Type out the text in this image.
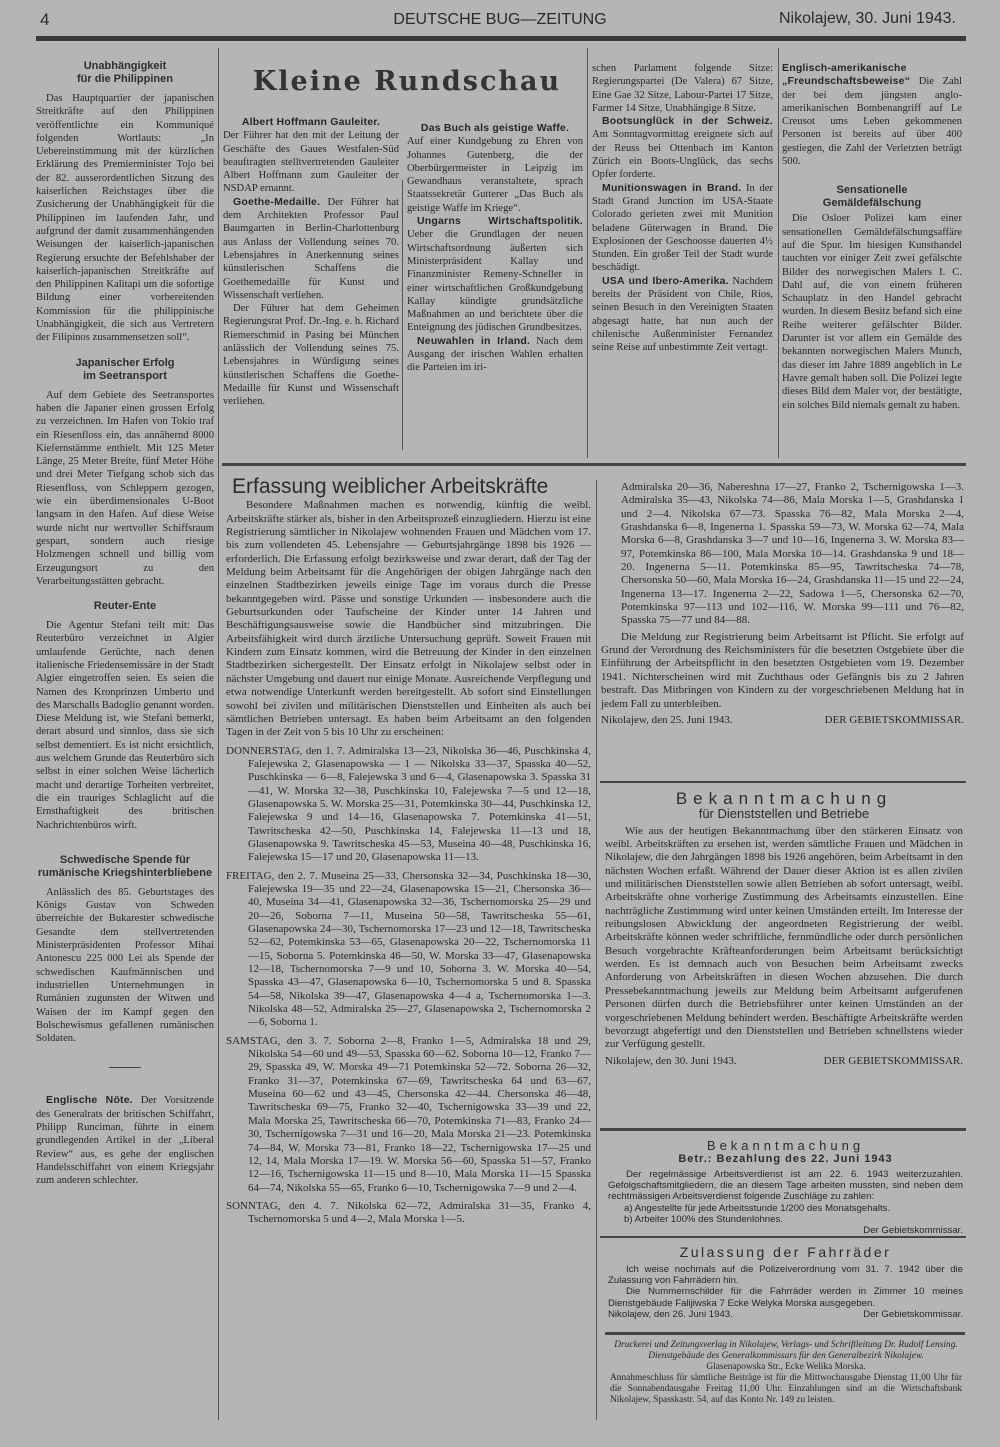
4	DEUTSCHE BUG—ZEITUNG	Nikolajew, 30. Juni 1943.
Unabhängigkeit
für die Philippinen

Das Hauptquartier der japanischen Streitkräfte auf den Philippinen veröffentlichte ein Kommuniqué folgenden Wortlauts: „In Uebereinstimmung mit der kürzlichen Erklärung des Premierminister Tojo bei der 82. ausserordentlichen Sitzung des kaiserlichen Reichstages über die Zusicherung der Unabhängigkeit für die Philippinen im laufenden Jahr, und aufgrund der damit zusammenhängenden Weisungen der kaiserlich-japanischen Regierung ersuchte der Befehlshaber der kaiserlich-japanischen Streitkräfte auf den Philippinen Kalitapi um die sofortige Bildung einer vorbereitenden Kommission für die philippinische Unabhängigkeit, die sich aus Vertretern der Filipinos zusammensetzen soll“.

Japanischer Erfolg
im Seetransport

Auf dem Gebiete des Seetransportes haben die Japaner einen grossen Erfolg zu verzeichnen. Im Hafen von Tokio traf ein Riesenfloss ein, das annähernd 8000 Kiefernstämme enthielt. Mit 125 Meter Länge, 25 Meter Breite, fünf Meter Höhe und drei Meter Tiefgang schob sich das Riesenfloss, von Schleppern gezogen, wie ein überdimensionales U-Boot langsam in den Hafen. Auf diese Weise wurde nicht nur wertvoller Schiffsraum gespart, sondern auch riesige Holzmengen schnell und billig vom Erzeugungsort zu den Verarbeitungsstätten gebracht.

Reuter-Ente

Die Agentur Stefani teilt mit: Das Reuterbüro verzeichnet in Algier umlaufende Gerüchte, nach denen italienische Friedensemissäre in der Stadt Algier eingetroffen seien. Es seien die Namen des Kronprinzen Umberto und des Marschalls Badoglio genannt worden. Diese Meldung ist, wie Stefani bemerkt, derart absurd und sinnlos, dass sie sich selbst dementiert. Es ist nicht ersichtlich, aus welchem Grunde das Reuterbüro sich selbst in einer solchen Weise lächerlich macht und derartige Torheiten verbreitet, die ein trauriges Schlaglicht auf die Ernsthaftigkeit des britischen Nachrichtenbüros wirft.

Schwedische Spende für
rumänische Kriegshinterbliebene

Anlässlich des 85. Geburtstages des Königs Gustav von Schweden überreichte der Bukarester schwedische Gesandte dem stellvertretenden Ministerpräsidenten Professor Mihai Antonescu 225 000 Lei als Spende der schwedischen Kaufmännischen und industriellen Unternehmungen in Rumänien zugunsten der Witwen und Waisen der im Kampf gegen den Bolschewismus gefallenen rumänischen Soldaten.

Englische Nöte. Der Vorsitzende des Generalrats der britischen Schiffahrt, Philipp Runciman, führte in einem grundlegenden Artikel in der „Liberal Review“ aus, es gehe der englischen Handelsschiffahrt von einem Kriegsjahr zum anderen schlechter.

Kleine Rundschau

Albert Hoffmann Gauleiter.

Der Führer hat den mit der Leitung der Geschäfte des Gaues Westfalen-Süd beauftragten stelltvertretenden Gauleiter Albert Hoffmann zum Gauleiter der NSDAP ernannt.

Goethe-Medaille. Der Führer hat dem Architekten Professor Paul Baumgarten in Berlin-Charlottenburg aus Anlass der Vollendung seines 70. Lebensjahres in Anerkennung seines künstlerischen Schaffens die Goethemedaille für Kunst und Wissenschaft verliehen.

Der Führer hat dem Geheimen Regierungsrat Prof. Dr.-Ing. e. h. Richard Riemerschmid in Pasing bei München anlässlich der Vollendung seines 75. Lebensjahres in Würdigung seines künstlerischen Schaffens die Goethe-Medaille für Kunst und Wissenschaft verliehen.

Das Buch als geistige Waffe.

Auf einer Kundgebung zu Ehren von Johannes Gutenberg, die der Oberbürgermeister in Leipzig im Gewandhaus veranstaltete, sprach Staatssekretär Gutterer „Das Buch als geistige Waffe im Kriege“.

Ungarns Wirtschaftspolitik. Ueber die Grundlagen der neuen Wirtschaftsordnung äußerten sich Ministerpräsident Kallay und Finanzminister Remeny-Schneller in einer wirtschaftlichen Großkundgebung Kallay kündigte grundsätzliche Maßnahmen an und berichtete über die Enteignung des jüdischen Grundbesitzes.

Neuwahlen in Irland. Nach dem Ausgang der irischen Wahlen erhalten die Parteien im iri-

schen Parlament folgende Sitze: Regierungspartei (De Valera) 67 Sitze, Eine Gae 32 Sitze, Labour-Partei 17 Sitze, Farmer 14 Sitze, Unabhängige 8 Sitze.

Bootsunglück in der Schweiz. Am Sonntagvormittag ereignete sich auf der Reuss bei Ottenbach im Kanton Zürich ein Boots-Unglück, das sechs Opfer forderte.

Munitionswagen in Brand. In der Stadt Grand Junction im USA-Staate Colorado gerieten zwei mit Munition beladene Güterwagen in Brand. Die Explosionen der Geschoosse dauerten 4½ Stunden. Ein großer Teil der Stadt wurde beschädigt.

USA und Ibero-Amerika. Nachdem bereits der Präsident von Chile, Rios, seinen Besuch in den Vereinigten Staaten abgesagt hatte, hat nun auch der chilenische Außenminister Fernandez seine Reise auf unbestimmte Zeit vertagt.

Englisch-amerikanische „Freundschaftsbeweise“ Die Zahl der bei dem jüngsten anglo-amerikanischen Bombenangriff auf Le Creusot ums Leben gekommenen Personen ist bereits auf über 400 gestiegen, die Zahl der Verletzten beträgt 500.

Sensationelle
Gemäldefälschung

Die Osloer Polizei kam einer sensationellen Gemäldefälschungsaffäre auf die Spur. Im hiesigen Kunsthandel tauchten vor einiger Zeit zwei gefälschte Bilder des norwegischen Malers I. C. Dahl auf, die von einem früheren Schauplatz in den Handel gebracht wurden. In diesem Besitz befand sich eine Reihe weiterer gefälschter Bilder. Darunter ist vor allem ein Gemälde des bekannten norwegischen Malers Munch, das dieser im Jahre 1889 angeblich in Le Havre gemalt haben soll. Die Polizei legte dieses Bild dem Maler vor, der bestätigte, ein solches Bild niemals gemalt zu haben.

Erfassung weiblicher Arbeitskräfte

Besondere Maßnahmen machen es notwendig, künftig die weibl. Arbeitskräfte stärker als, bisher in den Arbeitsprozeß einzugliedern. Hierzu ist eine Registrierung sämtlicher in Nikolajew wohnenden Frauen und Mädchen vom 17. bis zum vollendeten 45. Lebensjahre — Geburtsjahrgänge 1898 bis 1926 — erforderlich. Die Erfassung erfolgt bezirksweise und zwar derart, daß der Tag der Meldung beim Arbeitsamt für die Angehörigen der obigen Jahrgänge nach den einzelnen Stadtbezirken jeweils einige Tage im voraus durch die Presse bekanntgegeben wird. Pässe und sonstige Urkunden — insbesondere auch die Geburtsurkunden oder Taufscheine der Kinder unter 14 Jahren und Beschäftigungsausweise sowie die Handbücher sind mitzubringen. Die Arbeitsfähigkeit wird durch ärztliche Untersuchung geprüft. Soweit Frauen mit Kindern zum Einsatz kommen, wird die Betreuung der Kinder in den einzelnen Stadtbezirken sichergestellt. Der Einsatz erfolgt in Nikolajew selbst oder in nächster Umgebung und dauert nur einige Monate. Ausreichende Verpflegung und etwa notwendige Unterkunft werden bereitgestellt. Ab sofort sind Einstellungen sowohl bei zivilen und militärischen Dienststellen und Einheiten als auch bei sämtlichen Betrieben untersagt. Es haben beim Arbeitsamt an den folgenden Tagen in der Zeit von 5 bis 10 Uhr zu erscheinen:

DONNERSTAG, den 1. 7. Admiralska 13—23, Nikolska 36—46, Puschkinska 4, Falejewska 2, Glasenapowska — 1 — Nikolska 33—37, Spasska 40—52, Puschkinska — 6—8, Falejewska 3 und 6—4, Glasenapowska 3. Spasska 31—41, W. Morska 32—38, Puschkinska 10, Falejewska 7—5 und 12—18, Glasenapowska 5. W. Morska 25—31, Potemkinska 30—44, Puschkinska 12, Falejewska 9 und 14—16, Glasenapowska 7. Potemkinska 41—51, Tawritscheska 42—50, Puschkinska 14, Falejewska 11—13 und 18, Glasenapowska 9. Tawritscheska 45—53, Museina 40—48, Puschkinska 16, Falejewska 15—17 und 20, Glasenapowska 11—13.

FREITAG, den 2. 7. Museina 25—33, Chersonska 32—34, Puschkinska 18—30, Falejewska 19—35 und 22—24, Glasenapowska 15—21, Chersonska 36—40, Museina 34—41, Glasenapowska 32—36, Tschernomorska 25—29 und 20—26, Soborna 7—11, Museina 50—58, Tawritscheska 55—61, Glasenapowska 24—30, Tschernomorska 17—23 und 12—18, Tawritscheska 52—62, Potemkinska 53—65, Glasenapowska 20—22, Tschernomorska 11—15, Soborna 5. Potemkinska 46—50, W. Morska 33—47, Glasenapowska 12—18, Tschernomorska 7—9 und 10, Soborna 3. W. Morska 40—54, Spasska 43—47, Glasenapowska 6—10, Tschernomorska 5 und 8. Spasska 54—58, Nikolska 39—47, Glasenapowska 4—4 a, Tschernomorska 1—3. Nikolska 48—52, Admiralska 25—27, Glasenapowska 2, Tschernomorska 2—6, Soborna 1.

SAMSTAG, den 3. 7. Soborna 2—8, Franko 1—5, Admiralska 18 und 29, Nikolska 54—60 und 49—53, Spasska 60—62. Soborna 10—12, Franko 7—29, Spasska 49, W. Morska 49—71 Potemkinska 52—72. Soborna 26—32, Franko 31—37, Potemkinska 67—69, Tawritscheska 64 und 63—67, Museina 60—62 und 43—45, Chersonska 42—44. Chersonska 46—48, Tawritscheska 69—75, Franko 32—40, Tschernigowska 33—39 und 22, Mala Morska 25, Tawritscheska 66—70, Potemkinska 71—83, Franko 24—30, Tschernigowska 7—31 und 16—20, Mala Morska 21—23. Potemkinska 74—84, W. Morska 73—81, Franko 18—22, Tschernigowska 17—25 und 12, 14, Mala Morska 17—19. W. Morska 56—60, Spasska 51—57, Franko 12—16, Tschernigowska 11—15 und 8—10, Mala Morska 11—15 Spasska 64—74, Nikolska 55—65, Franko 6—10, Tschernigowska 7—9 und 2—4.

SONNTAG, den 4. 7. Nikolska 62—72, Admiralska 31—35, Franko 4, Tschernomorska 5 und 4—2, Mala Morska 1—5.

Admiralska 20—36, Nabereshna 17—27, Franko 2, Tschernigowska 1—3. Admiralska 35—43, Nikolska 74—86, Mala Morska 1—5, Grashdanska 1 und 2—4. Nikolska 67—73. Spasska 76—82, Mala Morska 2—4, Grashdanska 6—8, Ingenerna 1. Spasska 59—73, W. Morska 62—74, Mala Morska 6—8, Grashdanska 3—7 und 10—16, Ingenerna 3. W. Morska 83—97, Potemkinska 86—100, Mala Morska 10—14. Grashdanska 9 und 18—20. Ingenerna 5—11. Potemkinska 85—95, Tawritscheska 74—78, Chersonska 50—60, Mala Morska 16—24, Grashdanska 11—15 und 22—24, Ingenerna 13—17. Ingenerna 2—22, Sadowa 1—5, Chersonska 62—70, Potemkinska 97—113 und 102—116, W. Morska 99—111 und 76—82, Spasska 75—77 und 84—88.

Die Meldung zur Registrierung beim Arbeitsamt ist Pflicht. Sie erfolgt auf Grund der Verordnung des Reichsministers für die besetzten Ostgebiete über die Einführung der Arbeitspflicht in den besetzten Ostgebieten vom 19. Dezember 1941. Nichterscheinen wird mit Zuchthaus oder Gefängnis bis zu 2 Jahren bestraft. Das Mitbringen von Kindern zu der vorgeschriebenen Meldung hat in jedem Fall zu unterbleiben.

Nikolajew, den 25. Juni 1943.	DER GEBIETSKOMMISSAR.
Bekanntmachung
für Dienststellen und Betriebe

Wie aus der heutigen Bekanntmachung über den stärkeren Einsatz von weibl. Arbeitskräften zu ersehen ist, werden sämtliche Frauen und Mädchen in Nikolajew, die den Jahrgängen 1898 bis 1926 angehören, beim Arbeitsamt in den nächsten Wochen erfaßt. Während der Dauer dieser Aktion ist es allen zivilen und militärischen Dienststellen sowie allen Betrieben ab sofort untersagt, weibl. Arbeitskräfte ohne vorherige Zustimmung des Arbeitsamts einzustellen. Eine nachträgliche Zustimmung wird unter keinen Umständen erteilt. Im Interesse der reibungslosen Abwicklung der angeordneten Registrierung der weibl. Arbeitskräfte können weder schriftliche, fernmündliche oder durch persönlichen Besuch vorgebrachte Kräfteanforderungen beim Arbeitsamt berücksichtigt werden. Es ist demnach auch von Besuchen beim Arbeitsamt zwecks Anforderung von Arbeitskräften in diesen Wochen abzusehen. Die durch Pressebekanntmachung jeweils zur Meldung beim Arbeitsamt aufgerufenen Personen dürfen durch die Betriebsführer unter keinen Umständen an der vorgeschriebenen Meldung behindert werden. Beschäftigte Arbeitskräfte werden bevorzugt abgefertigt und den Dienststellen und Betrieben schnellstens wieder zur Verfügung gestellt.

Nikolajew, den 30. Juni 1943.	DER GEBIETSKOMMISSAR.
Bekanntmachung
Betr.: Bezahlung des 22. Juni 1943
Der regelmässige Arbeitsverdienst ist am 22. 6. 1943 weiterzuzahlen. Gefolgschaftsmitgliedern, die an diesem Tage arbeiten mussten, sind neben dem rechtmässigen Arbeitsverdienst folgende Zuschläge zu zahlen:
a) Angestellte für jede Arbeitsstunde 1/200 des Monatsgehalts.
b) Arbeiter 100% des Stundenlohnes.
Der Gebietskommissar.
Zulassung der Fahrräder
Ich weise nochmals auf die Polizeiverordnung vom 31. 7. 1942 über die Zulassung von Fahrrädern hin.
Die Nummernschilder für die Fahrräder werden in Zimmer 10 meines Dienstgebäude Falijiwska 7 Ecke Welyka Morska ausgegeben.
Nikolajew, den 26. Juni 1943.	Der Gebietskommissar.
Druckerei und Zeitungsverlag in Nikolajew, Verlags- und Schriftleitung Dr. Rudolf Lensing.
Dienstgebäude des Generalkommissars für den Generalbezirk Nikolajew.
Glasenapowska Str., Ecke Welika Morska.
Annahmeschluss für sämtliche Beiträge ist für die Mittwochausgabe Dienstag 11,00 Uhr für die Sonnabendausgabe Freitag 11,00 Uhr. Einzahlungen sind an die Wirtschaftsbank Nikolajew, Spasskastr. 54, auf das Konto Nr. 149 zu leisten.
